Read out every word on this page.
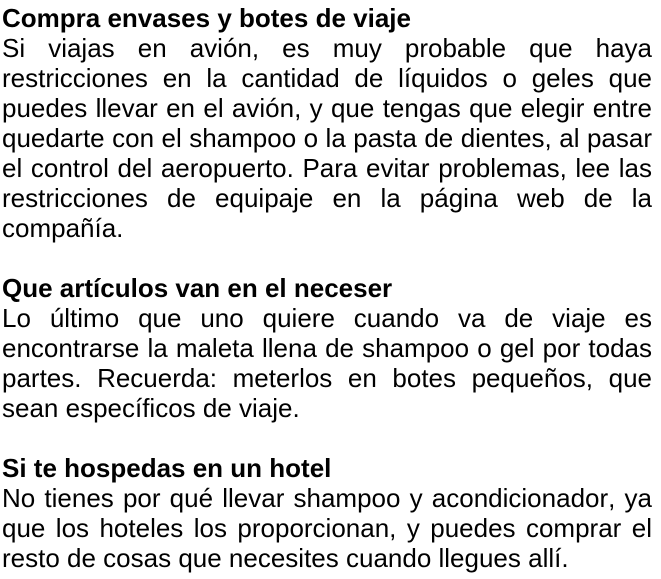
Compra envases y botes de viaje

Si viajas en avión, es muy probable que haya restricciones en la cantidad de líquidos o geles que puedes llevar en el avión, y que tengas que elegir entre quedarte con el shampoo o la pasta de dientes, al pasar el control del aeropuerto. Para evitar problemas, lee las restricciones de equipaje en la página web de la compañía.

Que artículos van en el neceser

Lo último que uno quiere cuando va de viaje es encontrarse la maleta llena de shampoo o gel por todas partes. Recuerda: meterlos en botes pequeños, que sean específicos de viaje.

Si te hospedas en un hotel

No tienes por qué llevar shampoo y acondicionador, ya que los hoteles los proporcionan, y puedes comprar el resto de cosas que necesites cuando llegues allí.
